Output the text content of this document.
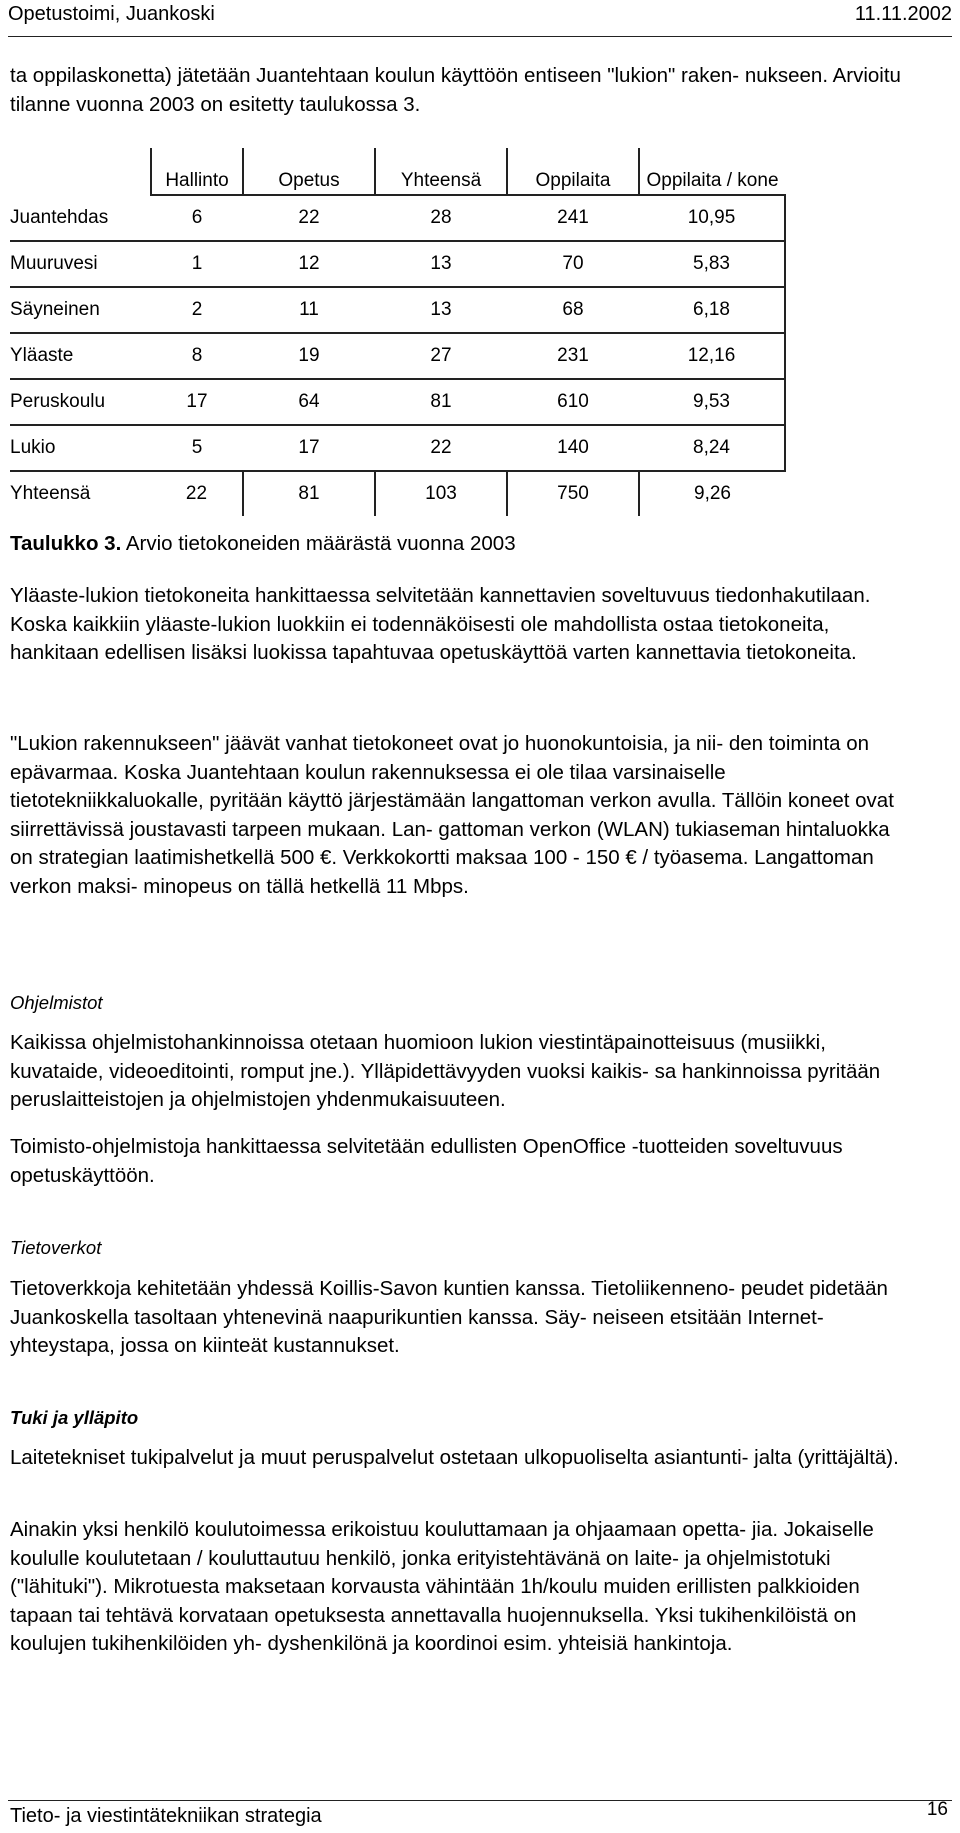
Opetustoimi, Juankoski	11.11.2002

ta oppilaskonetta) jätetään Juantehtaan koulun käyttöön entiseen "lukion" raken- nukseen. Arvioitu tilanne vuonna 2003 on esitetty taulukossa 3.

	Hallinto	Opetus	Yhteensä	Oppilaita	Oppilaita / kone
Juantehdas	6	22	28	241	10,95
Muuruvesi	1	12	13	70	5,83
Säyneinen	2	11	13	68	6,18
Yläaste	8	19	27	231	12,16
Peruskoulu	17	64	81	610	9,53
Lukio	5	17	22	140	8,24
Yhteensä	22	81	103	750	9,26
Taulukko 3. Arvio tietokoneiden määrästä vuonna 2003

Yläaste-lukion tietokoneita hankittaessa selvitetään kannettavien soveltuvuus tiedonhakutilaan. Koska kaikkiin yläaste-lukion luokkiin ei todennäköisesti ole mahdollista ostaa tietokoneita, hankitaan edellisen lisäksi luokissa tapahtuvaa opetuskäyttöä varten kannettavia tietokoneita.

"Lukion rakennukseen" jäävät vanhat tietokoneet ovat jo huonokuntoisia, ja nii- den toiminta on epävarmaa. Koska Juantehtaan koulun rakennuksessa ei ole tilaa varsinaiselle tietotekniikkaluokalle, pyritään käyttö järjestämään langattoman verkon avulla. Tällöin koneet ovat siirrettävissä joustavasti tarpeen mukaan. Lan- gattoman verkon (WLAN) tukiaseman hintaluokka on strategian laatimishetkellä 500 €. Verkkokortti maksaa 100 - 150 € / työasema. Langattoman verkon maksi- minopeus on tällä hetkellä 11 Mbps.

Ohjelmistot

Kaikissa ohjelmistohankinnoissa otetaan huomioon lukion viestintäpainotteisuus (musiikki, kuvataide, videoeditointi, romput jne.). Ylläpidettävyyden vuoksi kaikis- sa hankinnoissa pyritään peruslaitteistojen ja ohjelmistojen yhdenmukaisuuteen.

Toimisto-ohjelmistoja hankittaessa selvitetään edullisten OpenOffice -tuotteiden soveltuvuus opetuskäyttöön.

Tietoverkot

Tietoverkkoja kehitetään yhdessä Koillis-Savon kuntien kanssa. Tietoliikenneno- peudet pidetään Juankoskella tasoltaan yhtenevinä naapurikuntien kanssa. Säy- neiseen etsitään Internet-yhteystapa, jossa on kiinteät kustannukset.

Tuki ja ylläpito

Laitetekniset tukipalvelut ja muut peruspalvelut ostetaan ulkopuoliselta asiantunti- jalta (yrittäjältä).

Ainakin yksi henkilö koulutoimessa erikoistuu kouluttamaan ja ohjaamaan opetta- jia. Jokaiselle koululle koulutetaan / kouluttautuu henkilö, jonka erityistehtävänä on laite- ja ohjelmistotuki ("lähituki"). Mikrotuesta maksetaan korvausta vähintään 1h/koulu muiden erillisten palkkioiden tapaan tai tehtävä korvataan opetuksesta annettavalla huojennuksella. Yksi tukihenkilöistä on koulujen tukihenkilöiden yh- dyshenkilönä ja koordinoi esim. yhteisiä hankintoja.

Tieto- ja viestintätekniikan strategia	16
